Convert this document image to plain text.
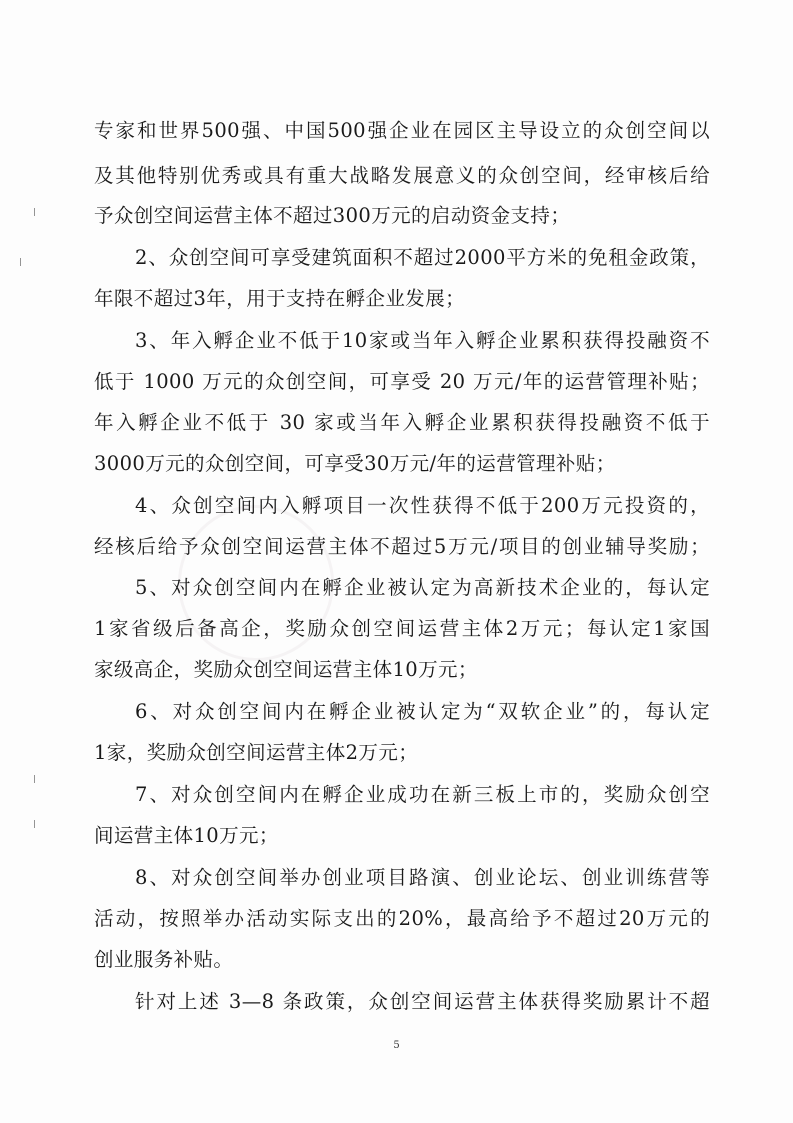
专家和世界500强、中国500强企业在园区主导设立的众创空间以
及其他特别优秀或具有重大战略发展意义的众创空间，经审核后给
予众创空间运营主体不超过300万元的启动资金支持；
2、众创空间可享受建筑面积不超过2000平方米的免租金政策，
年限不超过3年，用于支持在孵企业发展；
3、年入孵企业不低于10家或当年入孵企业累积获得投融资不
低于 1000 万元的众创空间，可享受 20 万元/年的运营管理补贴；
年入孵企业不低于 30 家或当年入孵企业累积获得投融资不低于
3000万元的众创空间，可享受30万元/年的运营管理补贴；
4、众创空间内入孵项目一次性获得不低于200万元投资的，
经核后给予众创空间运营主体不超过5万元/项目的创业辅导奖励；
5、对众创空间内在孵企业被认定为高新技术企业的，每认定
1家省级后备高企，奖励众创空间运营主体2万元；每认定1家国
家级高企，奖励众创空间运营主体10万元；
6、对众创空间内在孵企业被认定为“双软企业”的，每认定
1家，奖励众创空间运营主体2万元；
7、对众创空间内在孵企业成功在新三板上市的，奖励众创空
间运营主体10万元；
8、对众创空间举办创业项目路演、创业论坛、创业训练营等
活动，按照举办活动实际支出的20%，最高给予不超过20万元的
创业服务补贴。
针对上述 3—8 条政策，众创空间运营主体获得奖励累计不超
5
